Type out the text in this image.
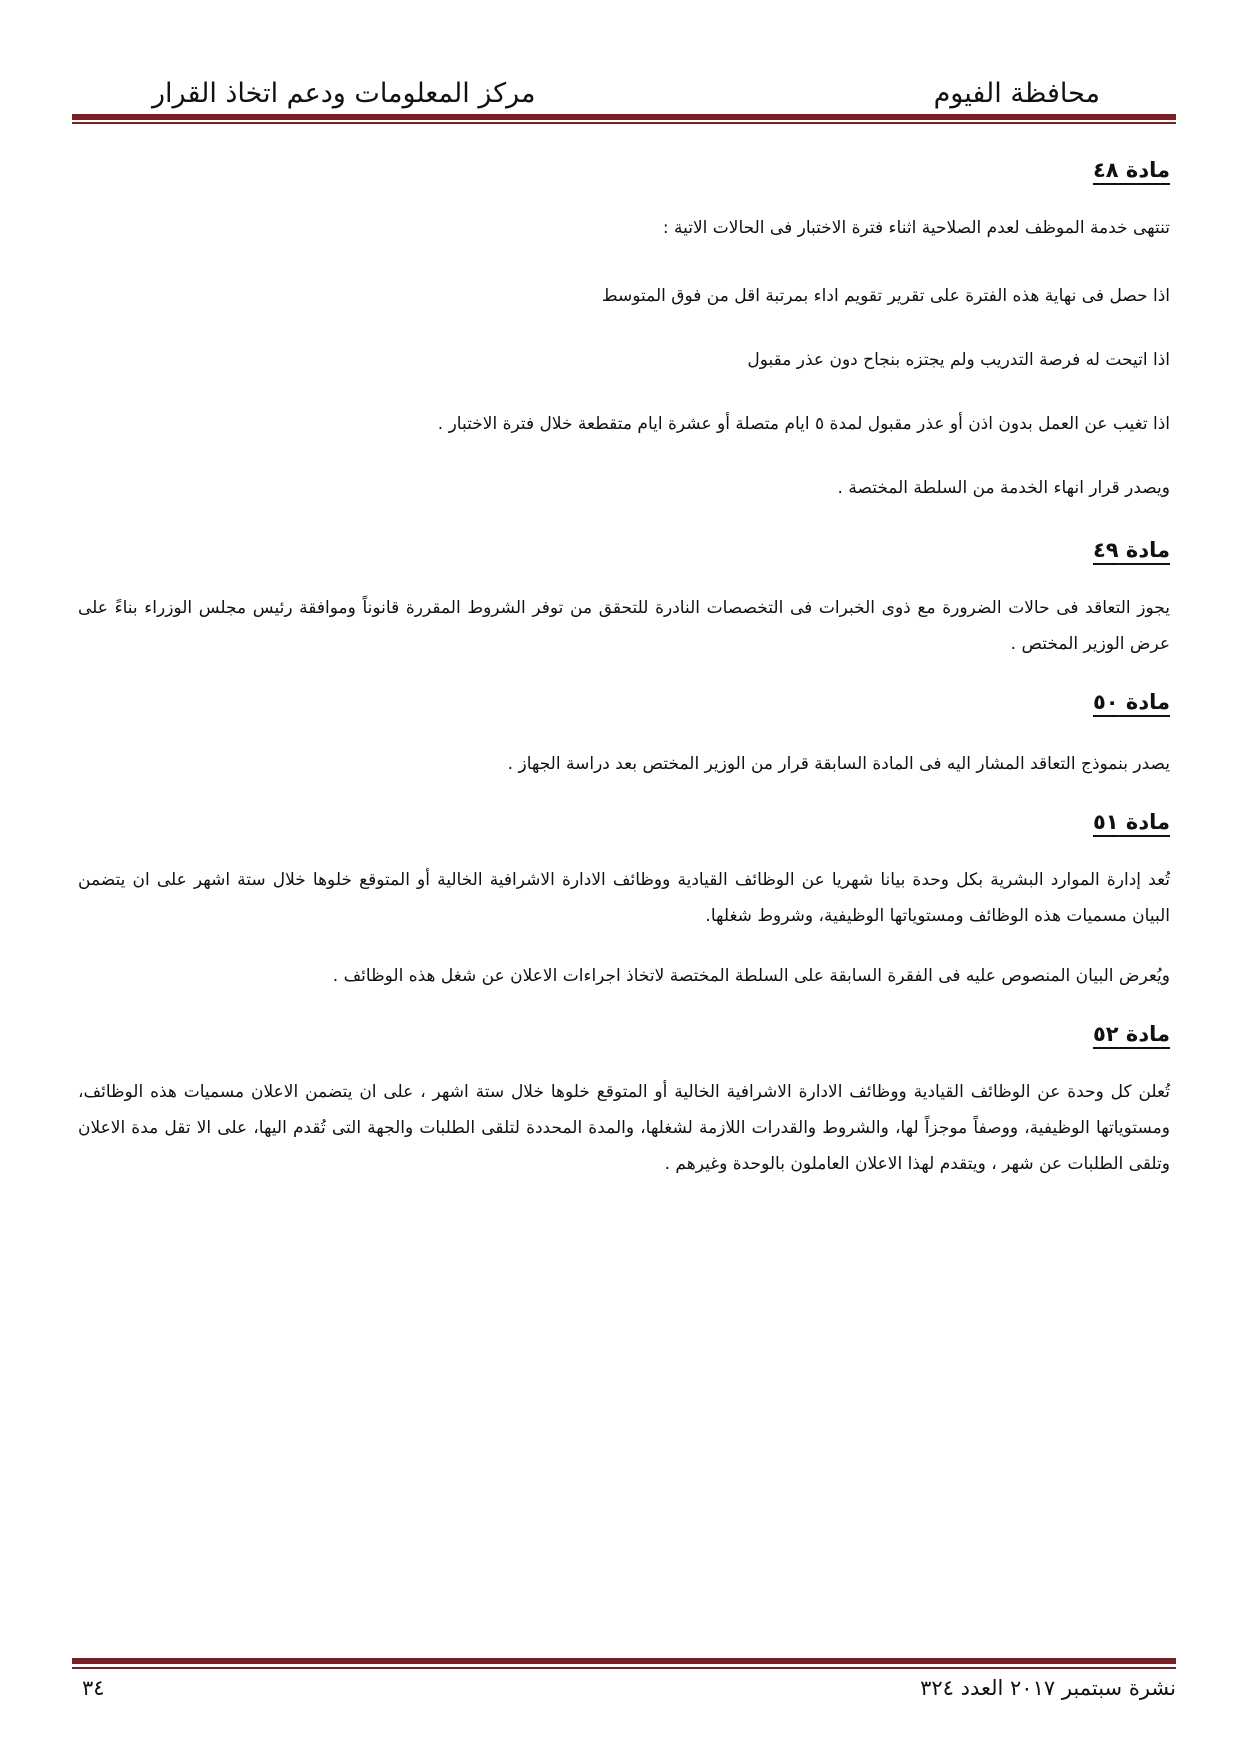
محافظة الفيوم
مركز المعلومات ودعم اتخاذ القرار
مادة ٤٨

تنتهى خدمة الموظف لعدم الصلاحية اثناء فترة الاختبار فى الحالات الاتية :

اذا حصل فى نهاية هذه الفترة على تقرير تقويم اداء بمرتبة اقل من فوق المتوسط

اذا اتيحت له فرصة التدريب ولم يجتزه بنجاح دون عذر مقبول

اذا تغيب عن العمل بدون اذن أو عذر مقبول لمدة ٥ ايام متصلة أو عشرة ايام متقطعة خلال فترة الاختبار .

ويصدر قرار انهاء الخدمة من السلطة المختصة .

مادة ٤٩

يجوز التعاقد فى حالات الضرورة مع ذوى الخبرات فى التخصصات النادرة للتحقق من توفر الشروط المقررة قانوناً وموافقة رئيس مجلس الوزراء بناءً على عرض الوزير المختص .

مادة ٥٠

يصدر بنموذج التعاقد المشار اليه فى المادة السابقة قرار من الوزير المختص بعد دراسة الجهاز .

مادة ٥١

تُعد إدارة الموارد البشرية بكل وحدة بيانا شهريا عن الوظائف القيادية ووظائف الادارة الاشرافية الخالية أو المتوقع خلوها خلال ستة اشهر على ان يتضمن البيان مسميات هذه الوظائف ومستوياتها الوظيفية، وشروط شغلها.

ويُعرض البيان المنصوص عليه فى الفقرة السابقة على السلطة المختصة لاتخاذ اجراءات الاعلان عن شغل هذه الوظائف .

مادة ٥٢

تُعلن كل وحدة عن الوظائف القيادية ووظائف الادارة الاشرافية الخالية أو المتوقع خلوها خلال ستة اشهر ، على ان يتضمن الاعلان مسميات هذه الوظائف، ومستوياتها الوظيفية، ووصفاً موجزاً لها، والشروط والقدرات اللازمة لشغلها، والمدة المحددة لتلقى الطلبات والجهة التى تُقدم اليها، على الا تقل مدة الاعلان وتلقى الطلبات عن شهر ، ويتقدم لهذا الاعلان العاملون بالوحدة وغيرهم .

نشرة سبتمبر ٢٠١٧ العدد ٣٢٤
٣٤
